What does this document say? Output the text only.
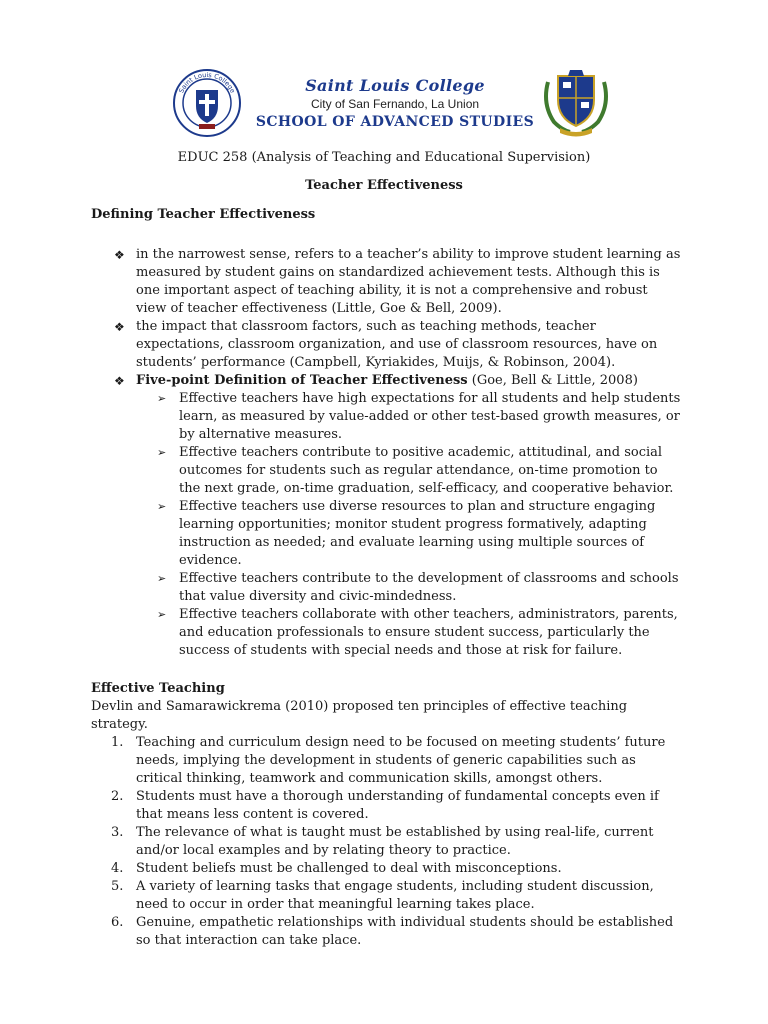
Saint Louis College	Saint Louis College
City of San Fernando, La Union
SCHOOL OF ADVANCED STUDIES
EDUC 258 (Analysis of Teaching and Educational Supervision)
Teacher Effectiveness

Defining Teacher Effectiveness

❖ in the narrowest sense, refers to a teacher’s ability to improve student learning as measured by student gains on standardized achievement tests. Although this is one important aspect of teaching ability, it is not a comprehensive and robust view of teacher effectiveness (Little, Goe & Bell, 2009).
❖ the impact that classroom factors, such as teaching methods, teacher expectations, classroom organization, and use of classroom resources, have on students’ performance (Campbell, Kyriakides, Muijs, & Robinson, 2004).
❖ Five-point Definition of Teacher Effectiveness (Goe, Bell & Little, 2008)
➢ Effective teachers have high expectations for all students and help students learn, as measured by value-added or other test-based growth measures, or by alternative measures.
➢ Effective teachers contribute to positive academic, attitudinal, and social outcomes for students such as regular attendance, on-time promotion to the next grade, on-time graduation, self-efficacy, and cooperative behavior.
➢ Effective teachers use diverse resources to plan and structure engaging learning opportunities; monitor student progress formatively, adapting instruction as needed; and evaluate learning using multiple sources of evidence.
➢ Effective teachers contribute to the development of classrooms and schools that value diversity and civic-mindedness.
➢ Effective teachers collaborate with other teachers, administrators, parents, and education professionals to ensure student success, particularly the success of students with special needs and those at risk for failure.

Effective Teaching

Devlin and Samarawickrema (2010) proposed ten principles of effective teaching strategy.

1. Teaching and curriculum design need to be focused on meeting students’ future needs, implying the development in students of generic capabilities such as critical thinking, teamwork and communication skills, amongst others.
2. Students must have a thorough understanding of fundamental concepts even if that means less content is covered.
3. The relevance of what is taught must be established by using real-life, current and/or local examples and by relating theory to practice.
4. Student beliefs must be challenged to deal with misconceptions.
5. A variety of learning tasks that engage students, including student discussion, need to occur in order that meaningful learning takes place.
6. Genuine, empathetic relationships with individual students should be established so that interaction can take place.
